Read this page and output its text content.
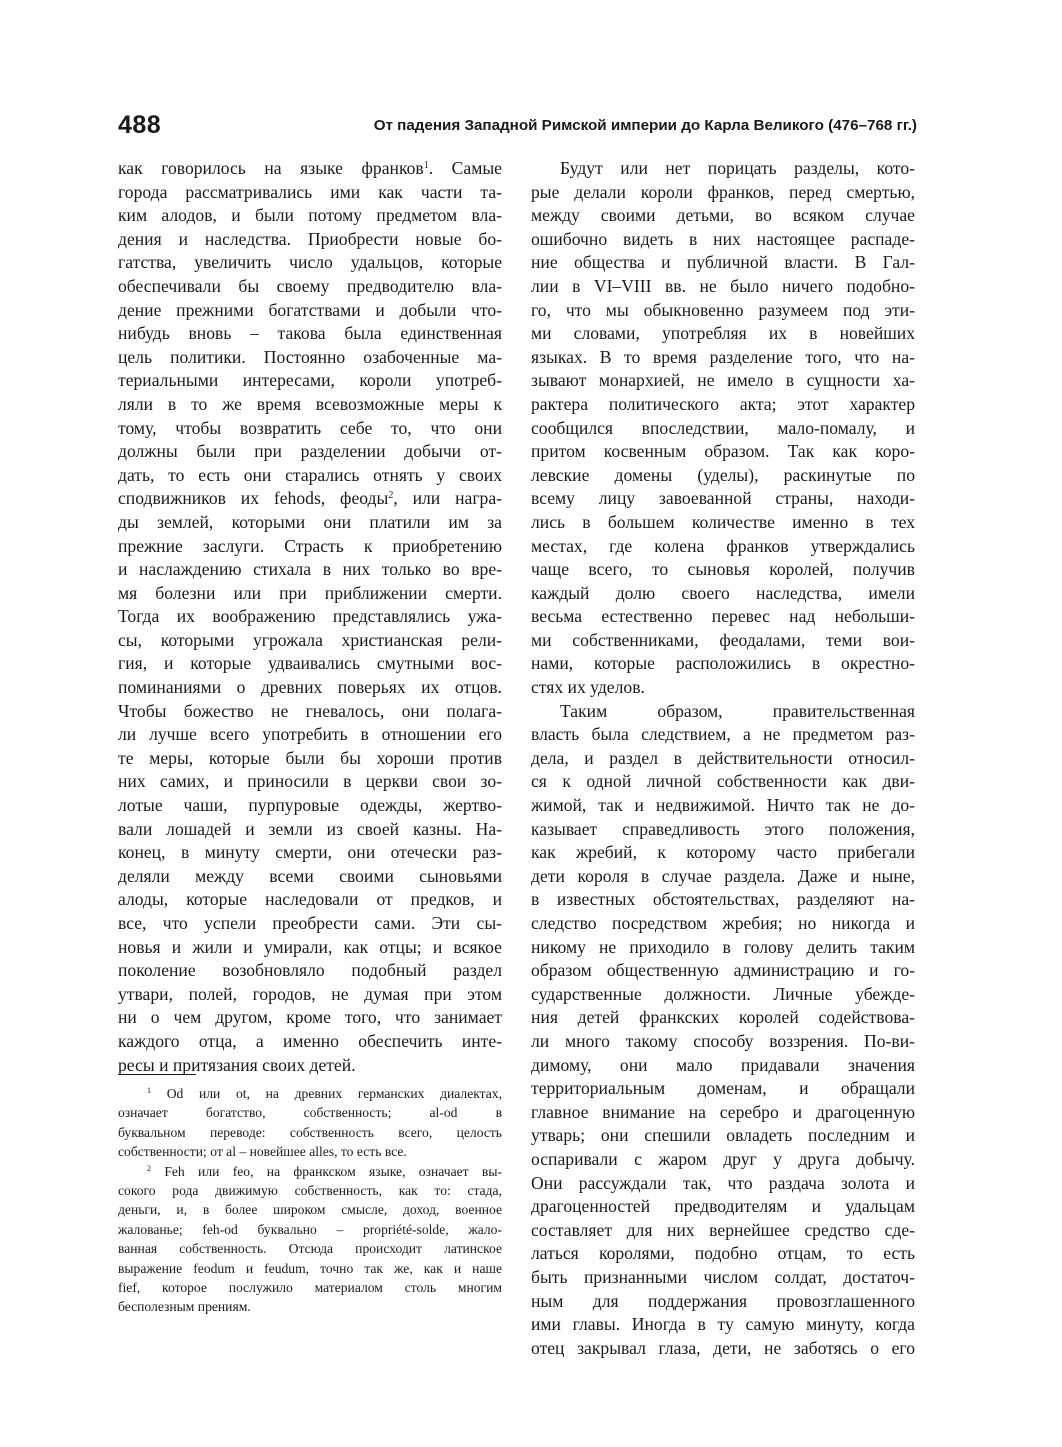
488	От падения Западной Римской империи до Карла Великого (476–768 гг.)
как говорилось на языке франков$^1$. Самые
города рассматривались ими как части та-
ким алодов, и были потому предметом вла-
дения и наследства. Приобрести новые бо-
гатства, увеличить число удальцов, которые
обеспечивали бы своему предводителю вла-
дение прежними богатствами и добыли что-
нибудь вновь – такова была единственная
цель политики. Постоянно озабоченные ма-
териальными интересами, короли употреб-
ляли в то же время всевозможные меры к
тому, чтобы возвратить себе то, что они
должны были при разделении добычи от-
дать, то есть они старались отнять у своих
сподвижников их fehods, феоды$^2$, или награ-
ды землей, которыми они платили им за
прежние заслуги. Страсть к приобретению
и наслаждению стихала в них только во вре-
мя болезни или при приближении смерти.
Тогда их воображению представлялись ужа-
сы, которыми угрожала христианская рели-
гия, и которые удваивались смутными вос-
поминаниями о древних поверьях их отцов.
Чтобы божество не гневалось, они полага-
ли лучше всего употребить в отношении его
те меры, которые были бы хороши против
них самих, и приносили в церкви свои зо-
лотые чаши, пурпуровые одежды, жертво-
вали лошадей и земли из своей казны. На-
конец, в минуту смерти, они отечески раз-
деляли между всеми своими сыновьями
алоды, которые наследовали от предков, и
все, что успели преобрести сами. Эти сы-
новья и жили и умирали, как отцы; и всякое
поколение возобновляло подобный раздел
утвари, полей, городов, не думая при этом
ни о чем другом, кроме того, что занимает
каждого отца, а именно обеспечить инте-
ресы и притязания своих детей.
Будут или нет порицать разделы, кото-
рые делали короли франков, перед смертью,
между своими детьми, во всяком случае
ошибочно видеть в них настоящее распаде-
ние общества и публичной власти. В Гал-
лии в VI–VIII вв. не было ничего подобно-
го, что мы обыкновенно разумеем под эти-
ми словами, употребляя их в новейших
языках. В то время разделение того, что на-
зывают монархией, не имело в сущности ха-
рактера политического акта; этот характер
сообщился впоследствии, мало-помалу, и
притом косвенным образом. Так как коро-
левские домены (уделы), раскинутые по
всему лицу завоеванной страны, находи-
лись в большем количестве именно в тех
местах, где колена франков утверждались
чаще всего, то сыновья королей, получив
каждый долю своего наследства, имели
весьма естественно перевес над небольши-
ми собственниками, феодалами, теми вои-
нами, которые расположились в окрестно-
стях их уделов.
Таким образом, правительственная
власть была следствием, а не предметом раз-
дела, и раздел в действительности относил-
ся к одной личной собственности как дви-
жимой, так и недвижимой. Ничто так не до-
казывает справедливость этого положения,
как жребий, к которому часто прибегали
дети короля в случае раздела. Даже и ныне,
в известных обстоятельствах, разделяют на-
следство посредством жребия; но никогда и
никому не приходило в голову делить таким
образом общественную администрацию и го-
сударственные должности. Личные убежде-
ния детей франкских королей содействова-
ли много такому способу воззрения. По-ви-
димому, они мало придавали значения
территориальным доменам, и обращали
главное внимание на серебро и драгоценную
утварь; они спешили овладеть последним и
оспаривали с жаром друг у друга добычу.
Они рассуждали так, что раздача золота и
драгоценностей предводителям и удальцам
составляет для них вернейшее средство сде-
латься королями, подобно отцам, то есть
быть признанными числом солдат, достаточ-
ным для поддержания провозглашенного
ими главы. Иногда в ту самую минуту, когда
отец закрывал глаза, дети, не заботясь о его
$^1$ Od или ot, на древних германских диалектах,
означает богатство, собственность; al-od в
буквальном переводе: собственность всего, целость
собственности; от al – новейшее alles, то есть все.
$^2$ Feh или feo, на франкском языке, означает вы-
сокого рода движимую собственность, как то: стада,
деньги, и, в более широком смысле, доход, военное
жалованье; feh-od буквально – propriété-solde, жало-
ванная собственность. Отсюда происходит латинское
выражение feodum и feudum, точно так же, как и наше
fief, которое послужило материалом столь многим
бесполезным прениям.
